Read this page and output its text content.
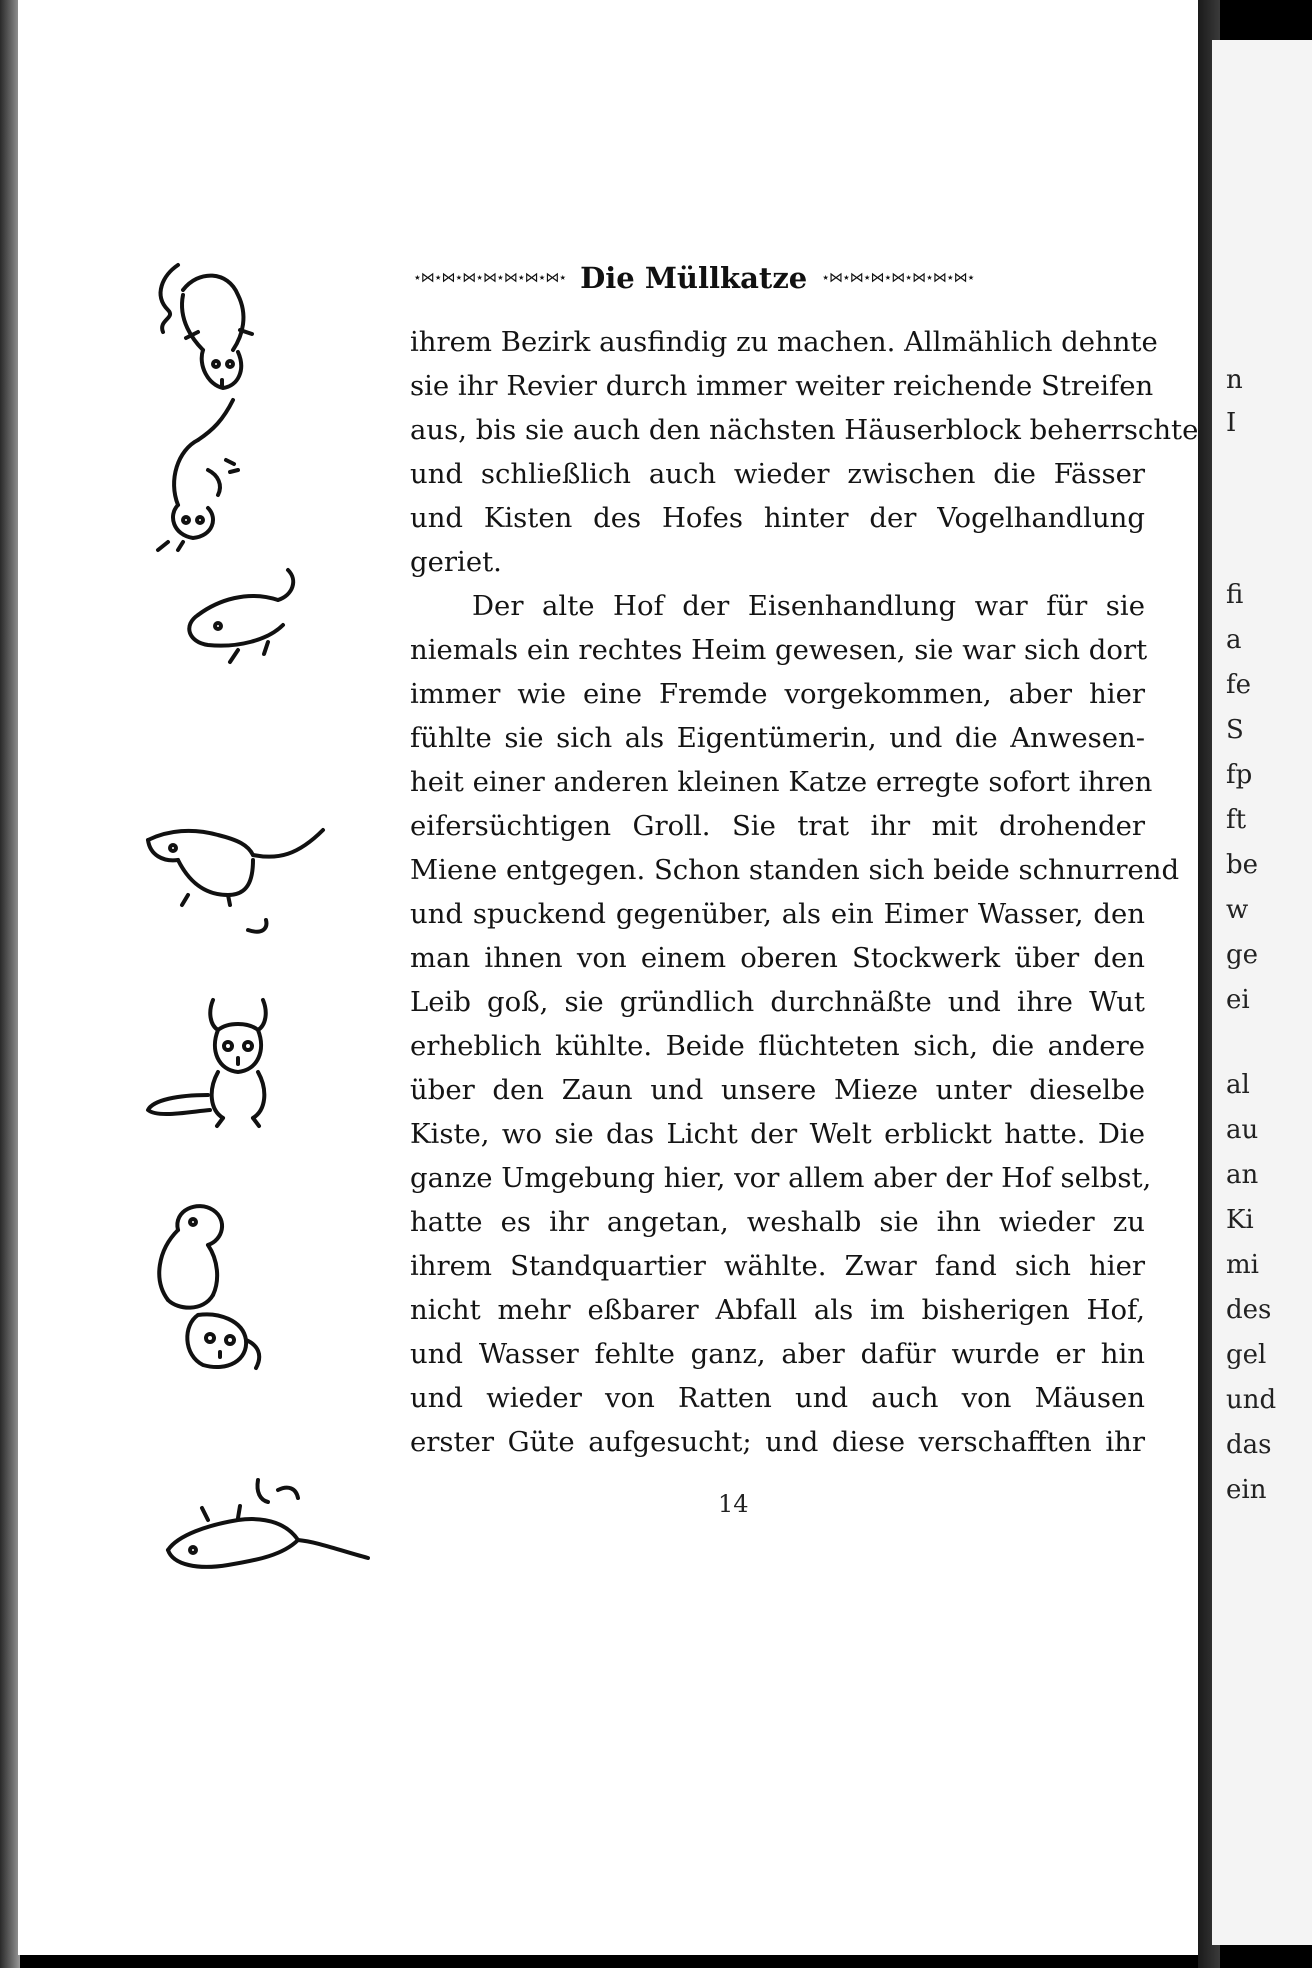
⋆⋈⋆⋈⋆⋈⋆⋈⋆⋈⋆⋈⋆⋈⋆ Die Müllkatze ⋆⋈⋆⋈⋆⋈⋆⋈⋆⋈⋆⋈⋆⋈⋆
ihrem Bezirk ausfindig zu machen. Allmählich dehnte
sie ihr Revier durch immer weiter reichende Streifen
aus, bis sie auch den nächsten Häuserblock beherrschte
und schließlich auch wieder zwischen die Fässer
und Kisten des Hofes hinter der Vogelhandlung
geriet.
Der alte Hof der Eisenhandlung war für sie
niemals ein rechtes Heim gewesen, sie war sich dort
immer wie eine Fremde vorgekommen, aber hier
fühlte sie sich als Eigentümerin, und die Anwesen-
heit einer anderen kleinen Katze erregte sofort ihren
eifersüchtigen Groll. Sie trat ihr mit drohender
Miene entgegen. Schon standen sich beide schnurrend
und spuckend gegenüber, als ein Eimer Wasser, den
man ihnen von einem oberen Stockwerk über den
Leib goß, sie gründlich durchnäßte und ihre Wut
erheblich kühlte. Beide flüchteten sich, die andere
über den Zaun und unsere Mieze unter dieselbe
Kiste, wo sie das Licht der Welt erblickt hatte. Die
ganze Umgebung hier, vor allem aber der Hof selbst,
hatte es ihr angetan, weshalb sie ihn wieder zu
ihrem Standquartier wählte. Zwar fand sich hier
nicht mehr eßbarer Abfall als im bisherigen Hof,
und Wasser fehlte ganz, aber dafür wurde er hin
und wieder von Ratten und auch von Mäusen
erster Güte aufgesucht; und diese verschafften ihr
14
n
I
fi
a
fe
S
fp
ft
be
w
ge
ei
al
au
an
Ki
mi
des
gel
und
das
ein
